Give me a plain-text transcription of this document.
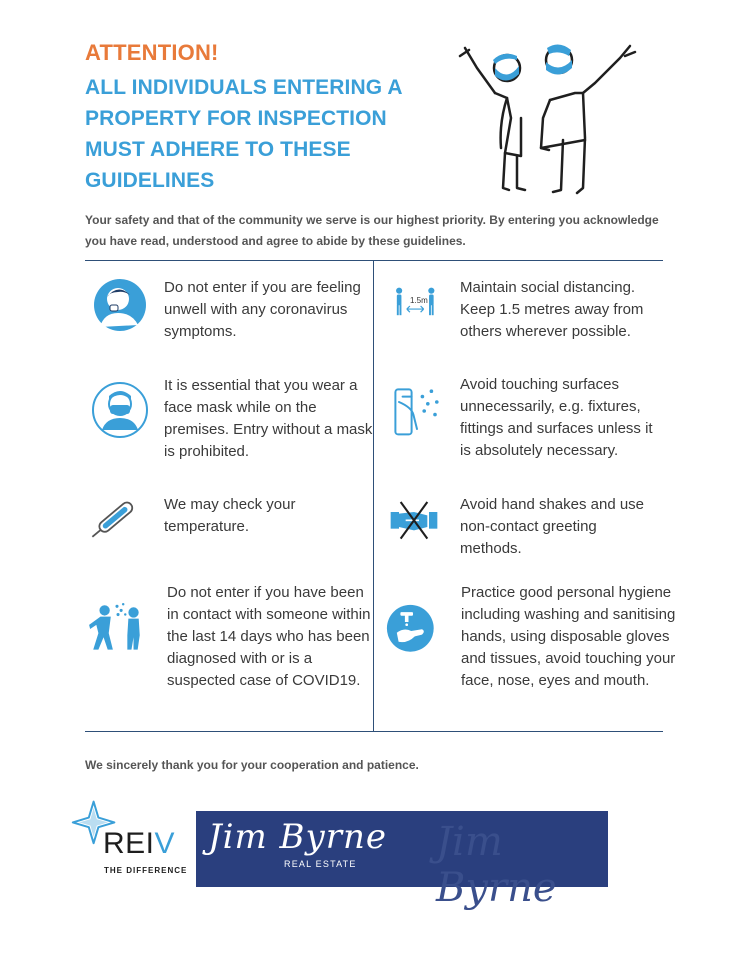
ATTENTION!
ALL INDIVIDUALS ENTERING A PROPERTY FOR INSPECTION MUST ADHERE TO THESE GUIDELINES
Your safety and that of the community we serve is our highest priority. By entering you acknowledge you have read, understood and agree to abide by these guidelines.
Do not enter if you are feeling unwell with any coronavirus symptoms.
It is essential that you wear a face mask while on the premises. Entry without a mask is prohibited.
We may check your temperature.
Do not enter if you have been in contact with someone within the last 14 days who has been diagnosed with or is a suspected case of COVID19.
1.5m
Maintain social distancing. Keep 1.5 metres away from others wherever possible.
Avoid touching surfaces unnecessarily, e.g. fixtures, fittings and surfaces unless it is absolutely necessary.
Avoid hand shakes and use non-contact greeting methods.
Practice good personal hygiene including washing and sanitising hands, using disposable gloves and tissues, avoid touching your face, nose, eyes and mouth.
We sincerely thank you for your cooperation and patience.
REIV
THE DIFFERENCE
Jim Byrne
Jim Byrne
REAL ESTATE
